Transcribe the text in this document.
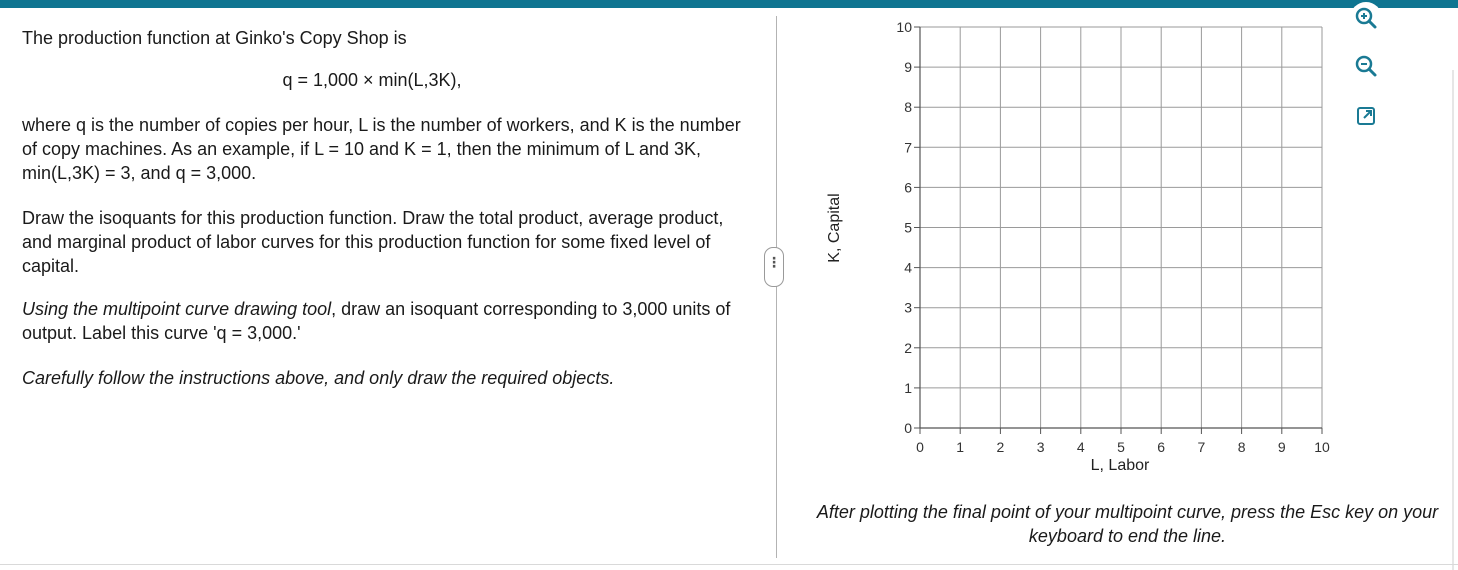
The production function at Ginko's Copy Shop is

q = 1,000 × min(L,3K),

where q is the number of copies per hour, L is the number of workers, and K is the number of copy machines. As an example, if L = 10 and K = 1, then the minimum of L and 3K, min(L,3K) = 3, and q = 3,000.

Draw the isoquants for this production function. Draw the total product, average product, and marginal product of labor curves for this production function for some fixed level of capital.

Using the multipoint curve drawing tool, draw an isoquant corresponding to 3,000 units of output. Label this curve 'q = 3,000.'

Carefully follow the instructions above, and only draw the required objects.

⋮
0 1 2 3 4 5 6 7 8 9 10
0
1
2
3
4
5
6
7
8
9
10
K, Capital
L, Labor
After plotting the final point of your multipoint curve, press the Esc key on your keyboard to end the line.
